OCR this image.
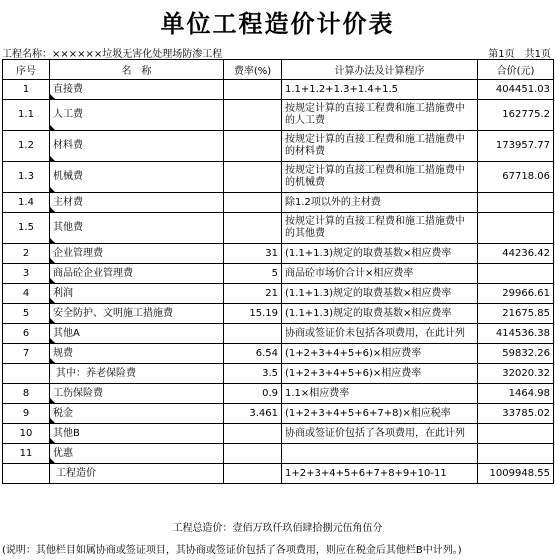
单位工程造价计价表
工程名称：××××××垃圾无害化处理场防渗工程	第1页　共1页
序号	名　称	费率(%)	计算办法及计算程序	合价(元)
1	直接费		1.1+1.2+1.3+1.4+1.5	404451.03
1.1	人工费		按规定计算的直接工程费和施工措施费中的人工费	162775.2
1.2	材料费		按规定计算的直接工程费和施工措施费中的材料费	173957.77
1.3	机械费		按规定计算的直接工程费和施工措施费中的机械费	67718.06
1.4	主材费		除1.2项以外的主材费	
1.5	其他费		按规定计算的直接工程费和施工措施费中的其他费	
2	企业管理费	31	(1.1+1.3)规定的取费基数×相应费率	44236.42
3	商品砼企业管理费	5	商品砼市场价合计×相应费率	
4	利润	21	(1.1+1.3)规定的取费基数×相应费率	29966.61
5	安全防护、文明施工措施费	15.19	(1.1+1.3)规定的取费基数×相应费率	21675.85
6	其他A		协商或签证价未包括各项费用，在此计列	414536.38
7	规费	6.54	(1+2+3+4+5+6)×相应费率	59832.26
	其中：养老保险费	3.5	(1+2+3+4+5+6)×相应费率	32020.32
8	工伤保险费	0.9	1.1×相应费率	1464.98
9	税金	3.461	(1+2+3+4+5+6+7+8)×相应税率	33785.02
10	其他B		协商或签证价包括了各项费用，在此计列	
11	优惠			
	工程造价		1+2+3+4+5+6+7+8+9+10-11	1009948.55
工程总造价：壹佰万玖仟玖佰肆拾捌元伍角伍分
(说明：其他栏目如属协商或签证项目，其协商或签证价包括了各项费用，则应在税金后其他栏B中计列。)
